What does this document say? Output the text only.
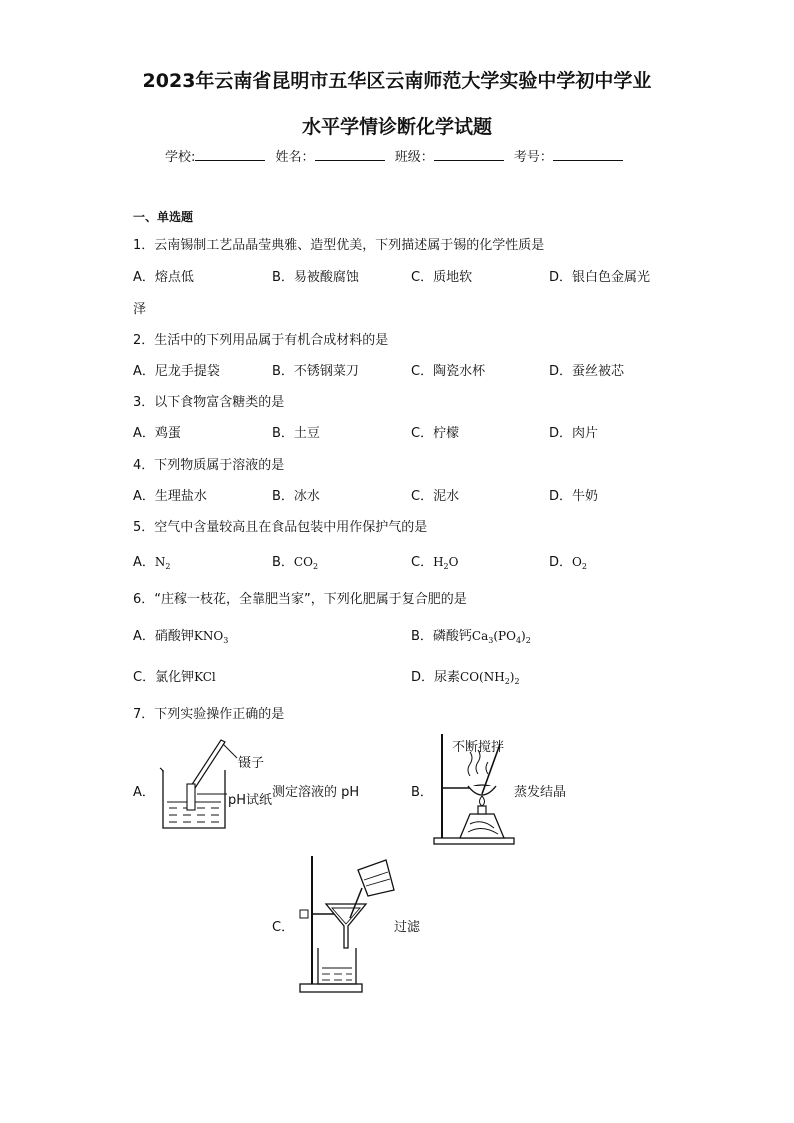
2023年云南省昆明市五华区云南师范大学实验中学初中学业
水平学情诊断化学试题
学校:	姓名：	班级：	考号：
一、单选题
1．云南锡制工艺品晶莹典雅、造型优美，下列描述属于锡的化学性质是
A．熔点低	B．易被酸腐蚀	C．质地软	D．银白色金属光
泽
2．生活中的下列用品属于有机合成材料的是
A．尼龙手提袋	B．不锈钢菜刀	C．陶瓷水杯	D．蚕丝被芯
3．以下食物富含糖类的是
A．鸡蛋	B．土豆	C．柠檬	D．肉片
4．下列物质属于溶液的是
A．生理盐水	B．冰水	C．泥水	D．牛奶
5．空气中含量较高且在食品包装中用作保护气的是
A．$N_2$	B．$CO_2$	C．$H_2O$	D．$O_2$
6．“庄稼一枝花，全靠肥当家”，下列化肥属于复合肥的是
A．硝酸钾$KNO_3$	B．磷酸钙$Ca_3(PO_4)_2$
C．氯化钾KCl	D．尿素$CO(NH_2)_2$
7．下列实验操作正确的是
A．
镊子
pH试纸
测定溶液的 pH	B．
不断搅拌
蒸发结晶
C．	过滤
